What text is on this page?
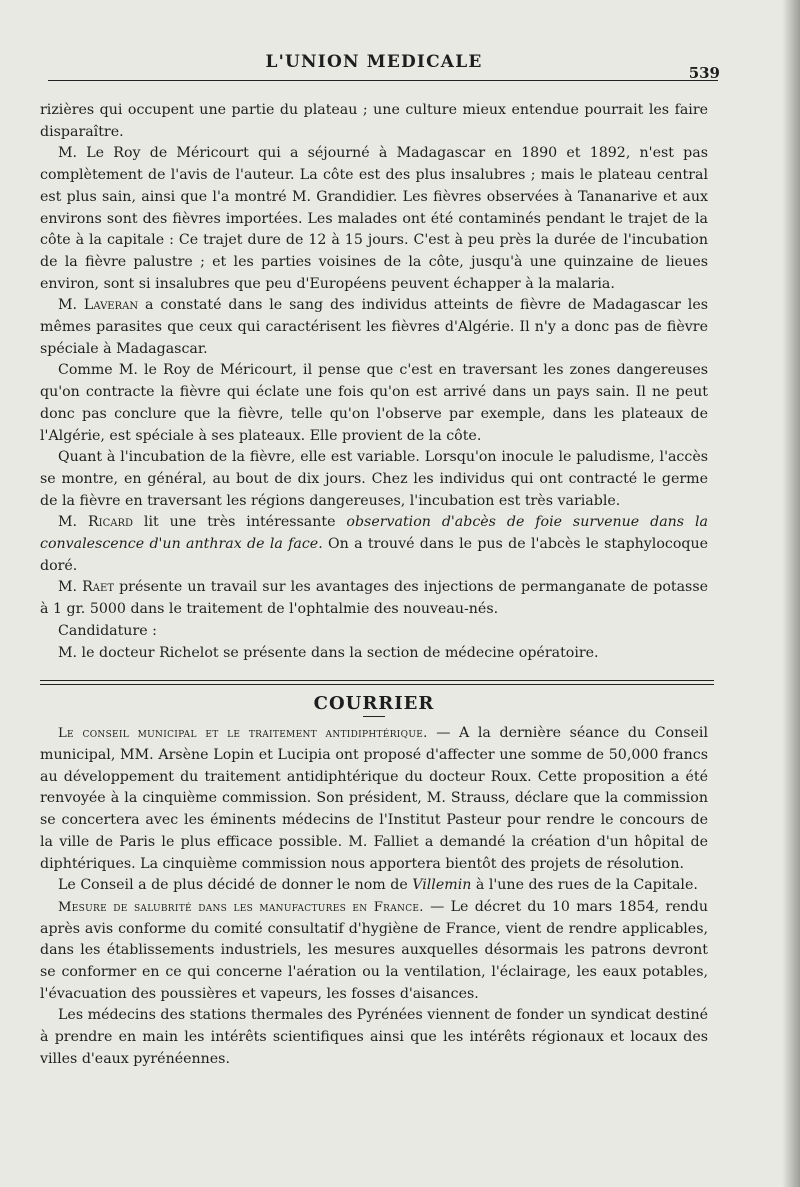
L'UNION MEDICALE
539

rizières qui occupent une partie du plateau ; une culture mieux entendue pourrait les faire disparaître.

M. Le Roy de Méricourt qui a séjourné à Madagascar en 1890 et 1892, n'est pas complètement de l'avis de l'auteur. La côte est des plus insalubres ; mais le plateau central est plus sain, ainsi que l'a montré M. Grandidier. Les fièvres observées à Tananarive et aux environs sont des fièvres importées. Les malades ont été contaminés pendant le trajet de la côte à la capitale : Ce trajet dure de 12 à 15 jours. C'est à peu près la durée de l'incubation de la fièvre palustre ; et les parties voisines de la côte, jusqu'à une quinzaine de lieues environ, sont si insalubres que peu d'Européens peuvent échapper à la malaria.

M. Laveran a constaté dans le sang des individus atteints de fièvre de Madagascar les mêmes parasites que ceux qui caractérisent les fièvres d'Algérie. Il n'y a donc pas de fièvre spéciale à Madagascar.

Comme M. le Roy de Méricourt, il pense que c'est en traversant les zones dangereuses qu'on contracte la fièvre qui éclate une fois qu'on est arrivé dans un pays sain. Il ne peut donc pas conclure que la fièvre, telle qu'on l'observe par exemple, dans les plateaux de l'Algérie, est spéciale à ses plateaux. Elle provient de la côte.

Quant à l'incubation de la fièvre, elle est variable. Lorsqu'on inocule le paludisme, l'accès se montre, en général, au bout de dix jours. Chez les individus qui ont contracté le germe de la fièvre en traversant les régions dangereuses, l'incubation est très variable.

M. Ricard lit une très intéressante observation d'abcès de foie survenue dans la convalescence d'un anthrax de la face. On a trouvé dans le pus de l'abcès le staphylocoque doré.

M. Raet présente un travail sur les avantages des injections de permanganate de potasse à 1 gr. 5000 dans le traitement de l'ophtalmie des nouveau-nés.

Candidature :

M. le docteur Richelot se présente dans la section de médecine opératoire.

COURRIER

Le conseil municipal et le traitement antidiphtérique. — A la dernière séance du Conseil municipal, MM. Arsène Lopin et Lucipia ont proposé d'affecter une somme de 50,000 francs au développement du traitement antidiphtérique du docteur Roux. Cette proposition a été renvoyée à la cinquième commission. Son président, M. Strauss, déclare que la commission se concertera avec les éminents médecins de l'Institut Pasteur pour rendre le concours de la ville de Paris le plus efficace possible. M. Falliet a demandé la création d'un hôpital de diphtériques. La cinquième commission nous apportera bientôt des projets de résolution.

Le Conseil a de plus décidé de donner le nom de Villemin à l'une des rues de la Capitale.

Mesure de salubrité dans les manufactures en France. — Le décret du 10 mars 1854, rendu après avis conforme du comité consultatif d'hygiène de France, vient de rendre applicables, dans les établissements industriels, les mesures auxquelles désormais les patrons devront se conformer en ce qui concerne l'aération ou la ventilation, l'éclairage, les eaux potables, l'évacuation des poussières et vapeurs, les fosses d'aisances.

Les médecins des stations thermales des Pyrénées viennent de fonder un syndicat destiné à prendre en main les intérêts scientifiques ainsi que les intérêts régionaux et locaux des villes d'eaux pyrénéennes.
